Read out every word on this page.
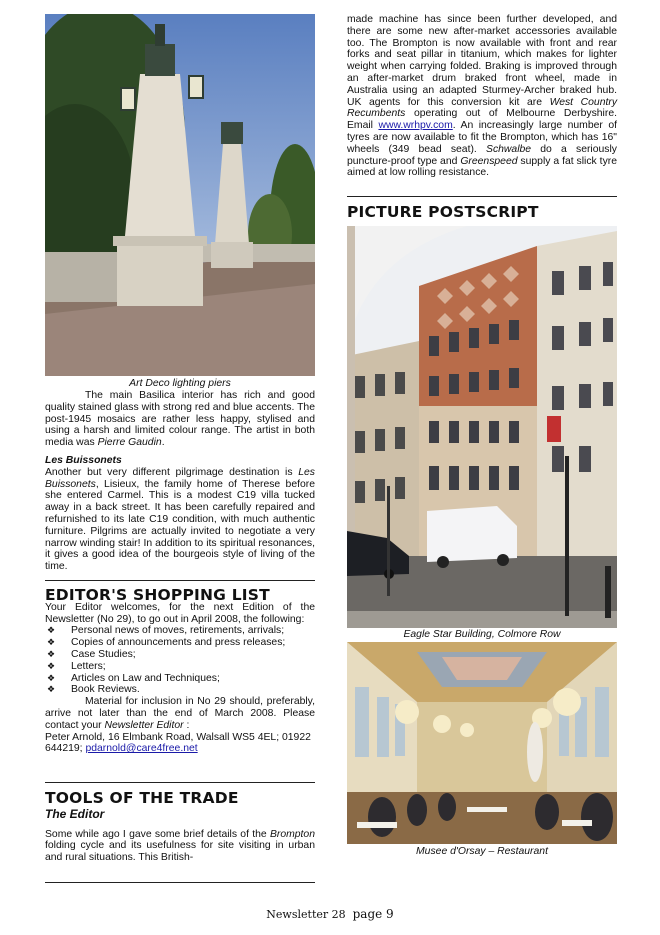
Art Deco lighting piers

The main Basilica interior has rich and good quality stained glass with strong red and blue accents. The post-1945 mosaics are rather less happy, stylised and using a harsh and limited colour range. The artist in both media was Pierre Gaudin.

Les Buissonets

Another but very different pilgrimage destination is Les Buissonets, Lisieux, the family home of Therese before she entered Carmel. This is a modest C19 villa tucked away in a back street. It has been carefully repaired and refurnished to its late C19 condition, with much authentic furniture. Pilgrims are actually invited to negotiate a very narrow winding stair! In addition to its spiritual resonances, it gives a good idea of the bourgeois style of living of the time.

EDITOR'S SHOPPING LIST

Your Editor welcomes, for the next Edition of the Newsletter (No 29), to go out in April 2008, the following:

❖ Personal news of moves, retirements, arrivals;
❖ Copies of announcements and press releases;
❖ Case Studies;
❖ Letters;
❖ Articles on Law and Techniques;
❖ Book Reviews.

Material for inclusion in No 29 should, preferably, arrive not later than the end of March 2008. Please contact your Newsletter Editor :

Peter Arnold, 16 Elmbank Road, Walsall WS5 4EL; 01922 644219; pdarnold@care4free.net

TOOLS OF THE TRADE
The Editor

Some while ago I gave some brief details of the Brompton folding cycle and its usefulness for site visiting in urban and rural situations. This British-

made machine has since been further developed, and there are some new after-market accessories available too. The Brompton is now available with front and rear forks and seat pillar in titanium, which makes for lighter weight when carrying folded. Braking is improved through an after-market drum braked front wheel, made in Australia using an adapted Sturmey-Archer braked hub. UK agents for this conversion kit are West Country Recumbents operating out of Melbourne Derbyshire. Email www.wrhpv.com. An increasingly large number of tyres are now available to fit the Brompton, which has 16" wheels (349 bead seat). Schwalbe do a seriously puncture-proof type and Greenspeed supply a fat slick tyre aimed at low rolling resistance.

PICTURE POSTSCRIPT
Eagle Star Building, Colmore Row
Musee d'Orsay – Restaurant
Newsletter 28 page 9
